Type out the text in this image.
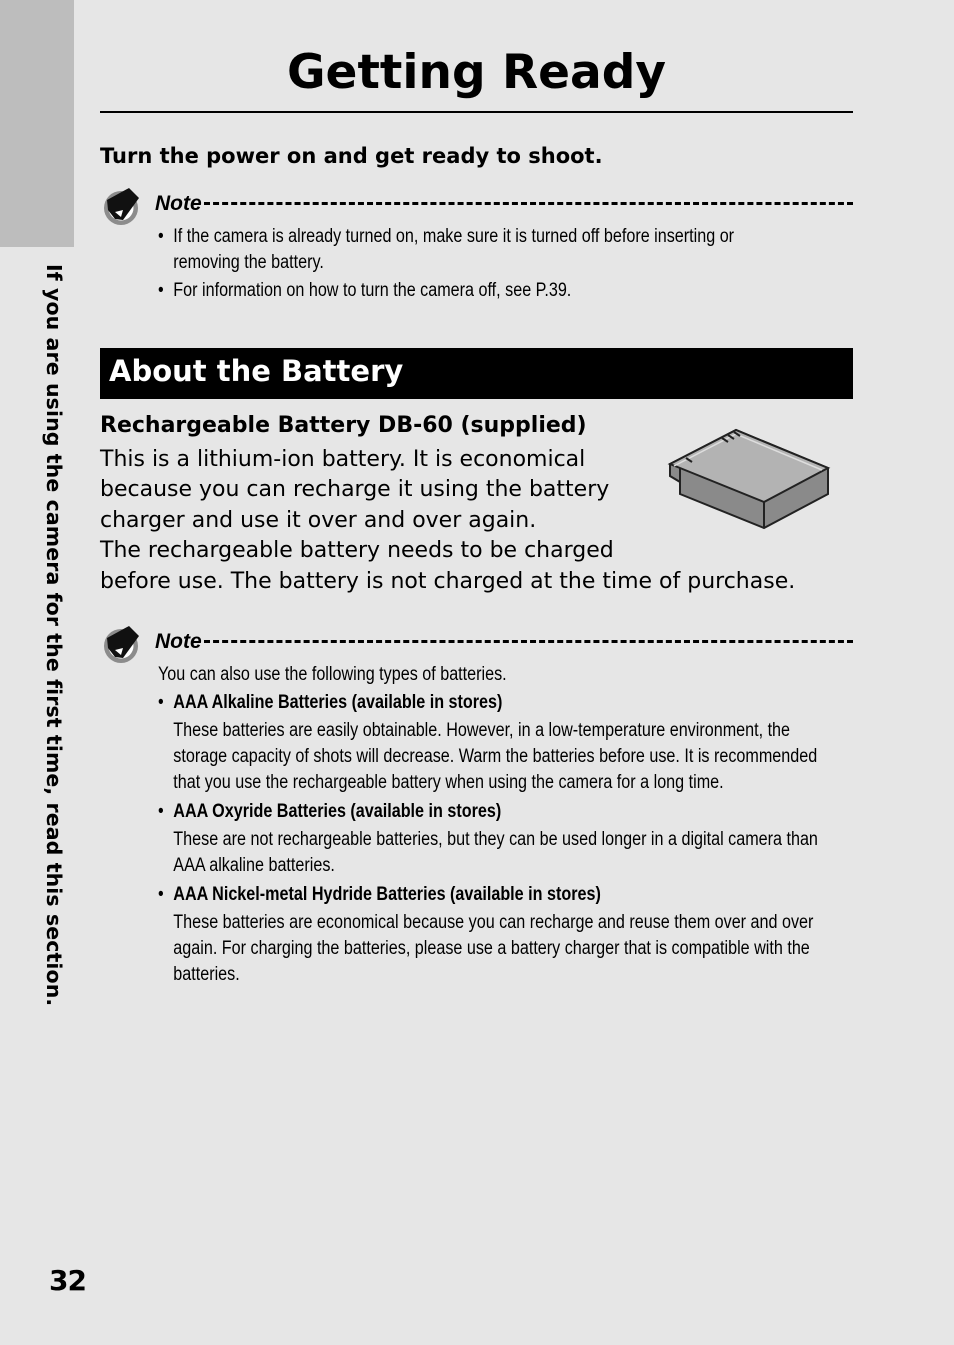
If you are using the camera for the first time, read this section.
Getting Ready

Turn the power on and get ready to shoot.

Note
• If the camera is already turned on, make sure it is turned off before inserting or removing the battery.
• For information on how to turn the camera off, see P.39.
About the Battery
Rechargeable Battery DB-60 (supplied)

This is a lithium-ion battery. It is economical
because you can recharge it using the battery
charger and use it over and over again.
The rechargeable battery needs to be charged
before use. The battery is not charged at the time of purchase.

Note
You can also use the following types of batteries.
• AAA Alkaline Batteries (available in stores)
These batteries are easily obtainable. However, in a low-temperature environment, the storage capacity of shots will decrease. Warm the batteries before use. It is recommended that you use the rechargeable battery when using the camera for a long time.
• AAA Oxyride Batteries (available in stores)
These are not rechargeable batteries, but they can be used longer in a digital camera than AAA alkaline batteries.
• AAA Nickel-metal Hydride Batteries (available in stores)
These batteries are economical because you can recharge and reuse them over and over again. For charging the batteries, please use a battery charger that is compatible with the batteries.
32
